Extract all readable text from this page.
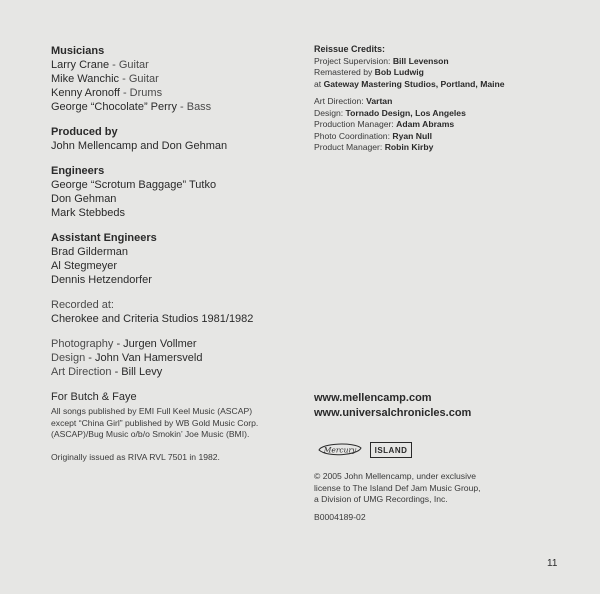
Musicians
Larry Crane - Guitar
Mike Wanchic - Guitar
Kenny Aronoff - Drums
George “Chocolate” Perry - Bass
Produced by
John Mellencamp and Don Gehman
Engineers
George “Scrotum Baggage” Tutko
Don Gehman
Mark Stebbeds
Assistant Engineers
Brad Gilderman
Al Stegmeyer
Dennis Hetzendorfer
Recorded at:
Cherokee and Criteria Studios 1981/1982
Photography - Jurgen Vollmer
Design - John Van Hamersveld
Art Direction - Bill Levy
For Butch & Faye
All songs published by EMI Full Keel Music (ASCAP)
except “China Girl” published by WB Gold Music Corp.
(ASCAP)/Bug Music o/b/o Smokin’ Joe Music (BMI).
Originally issued as RIVA RVL 7501 in 1982.
Reissue Credits:
Project Supervision: Bill Levenson
Remastered by Bob Ludwig
at Gateway Mastering Studios, Portland, Maine
Art Direction: Vartan
Design: Tornado Design, Los Angeles
Production Manager: Adam Abrams
Photo Coordination: Ryan Null
Product Manager: Robin Kirby
www.mellencamp.com
www.universalchronicles.com
Mercury	ISLAND
© 2005 John Mellencamp, under exclusive
license to The Island Def Jam Music Group,
a Division of UMG Recordings, Inc.
B0004189-02
11
